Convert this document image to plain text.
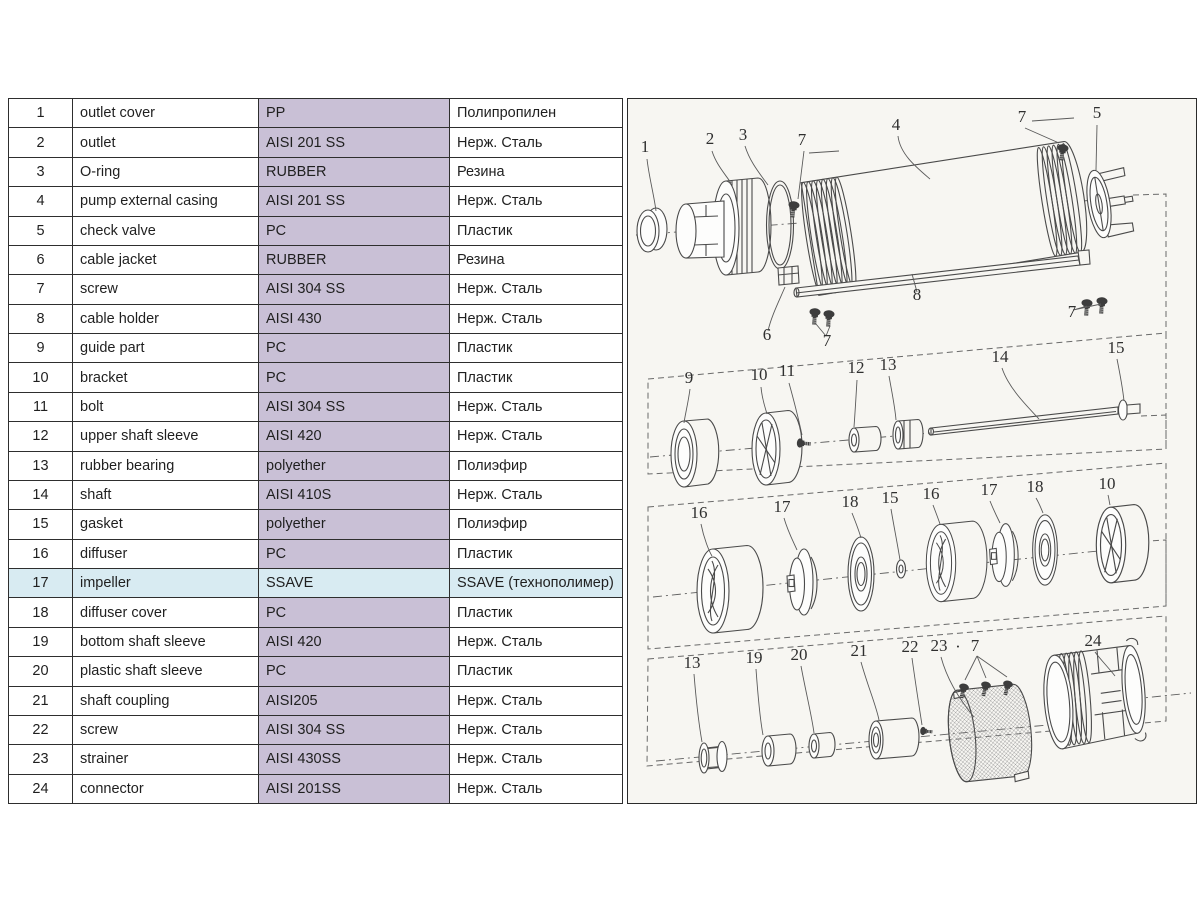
1	outlet cover	PP	Полипропилен
2	outlet	AISI 201 SS	Нерж. Сталь
3	O-ring	RUBBER	Резина
4	pump external casing	AISI 201 SS	Нерж. Сталь
5	check valve	PC	Пластик
6	cable jacket	RUBBER	Резина
7	screw	AISI 304 SS	Нерж. Сталь
8	cable holder	AISI 430	Нерж. Сталь
9	guide part	PC	Пластик
10	bracket	PC	Пластик
11	bolt	AISI 304 SS	Нерж. Сталь
12	upper shaft sleeve	AISI 420	Нерж. Сталь
13	rubber bearing	polyether	Полиэфир
14	shaft	AISI 410S	Нерж. Сталь
15	gasket	polyether	Полиэфир
16	diffuser	PC	Пластик
17	impeller	SSAVE	SSAVE (технополимер)
18	diffuser cover	PC	Пластик
19	bottom shaft sleeve	AISI 420	Нерж. Сталь
20	plastic shaft sleeve	PC	Пластик
21	shaft coupling	AISI205	Нерж. Сталь
22	screw	AISI 304 SS	Нерж. Сталь
23	strainer	AISI 430SS	Нерж. Сталь
24	connector	AISI 201SS	Нерж. Сталь
1	2 3	7
4	7	5
6	7
8
7
9	10 11	12 13	14	15
16	17	18 15 16 17 18	10
13	19 20	21 22 23 · 7	24
